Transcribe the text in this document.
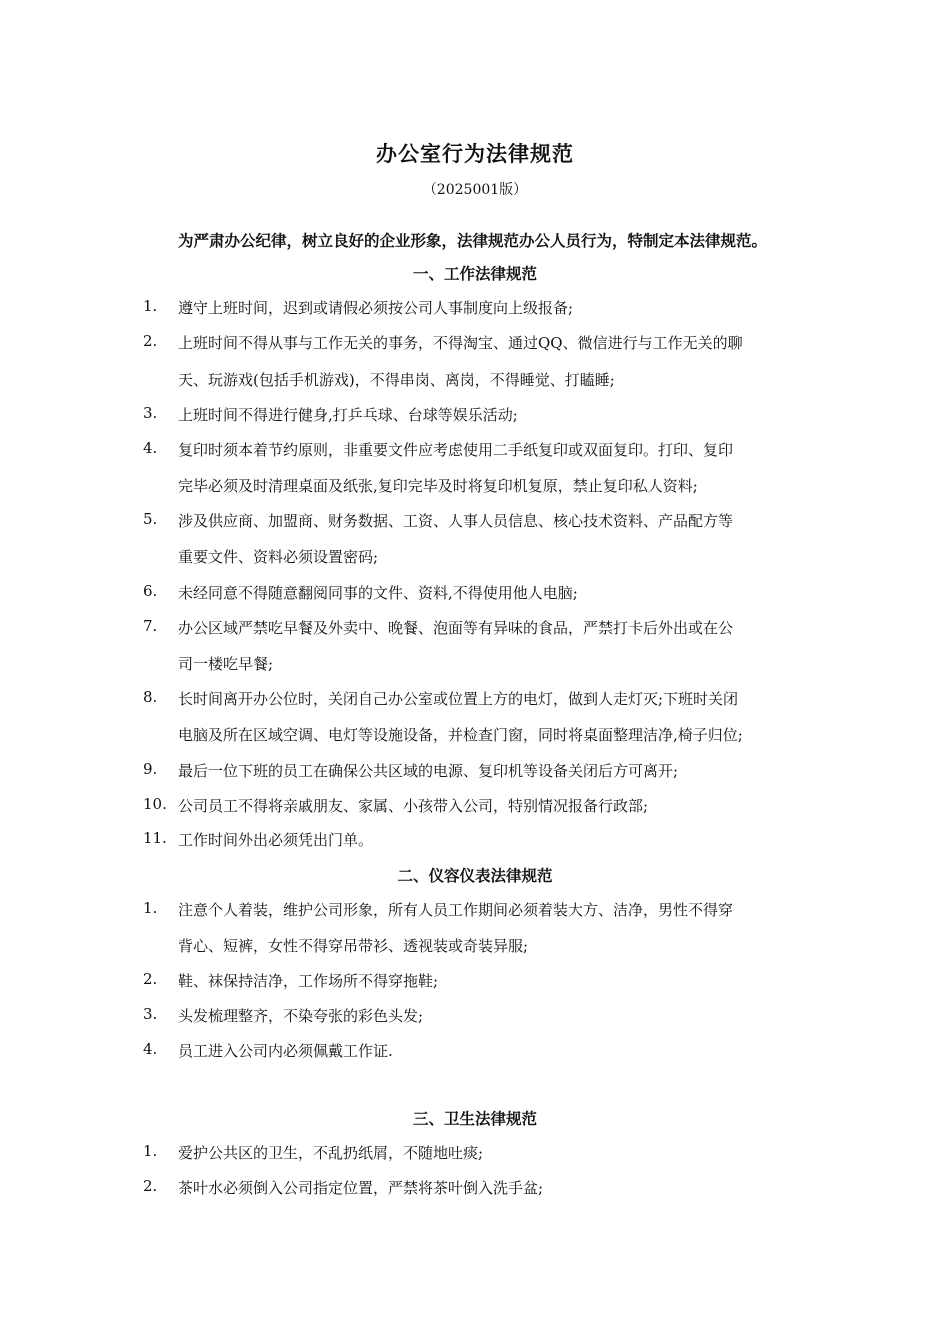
办公室行为法律规范
（2025001版）
为严肃办公纪律，树立良好的企业形象，法律规范办公人员行为，特制定本法律规范。
一、工作法律规范
1. 遵守上班时间，迟到或请假必须按公司人事制度向上级报备;
2. 上班时间不得从事与工作无关的事务，不得淘宝、通过QQ、微信进行与工作无关的聊
天、玩游戏(包括手机游戏)，不得串岗、离岗，不得睡觉、打瞌睡;
3. 上班时间不得进行健身,打乒乓球、台球等娱乐活动;
4. 复印时须本着节约原则，非重要文件应考虑使用二手纸复印或双面复印。打印、复印
完毕必须及时清理桌面及纸张,复印完毕及时将复印机复原，禁止复印私人资料;
5. 涉及供应商、加盟商、财务数据、工资、人事人员信息、核心技术资料、产品配方等
重要文件、资料必须设置密码;
6. 未经同意不得随意翻阅同事的文件、资料,不得使用他人电脑;
7. 办公区域严禁吃早餐及外卖中、晚餐、泡面等有异味的食品，严禁打卡后外出或在公
司一楼吃早餐;
8. 长时间离开办公位时，关闭自己办公室或位置上方的电灯，做到人走灯灭;下班时关闭
电脑及所在区域空调、电灯等设施设备，并检查门窗，同时将桌面整理洁净,椅子归位;
9. 最后一位下班的员工在确保公共区域的电源、复印机等设备关闭后方可离开;
10. 公司员工不得将亲戚朋友、家属、小孩带入公司，特别情况报备行政部;
11. 工作时间外出必须凭出门单。
二、仪容仪表法律规范
1. 注意个人着装，维护公司形象，所有人员工作期间必须着装大方、洁净，男性不得穿
背心、短裤，女性不得穿吊带衫、透视装或奇装异服;
2. 鞋、袜保持洁净，工作场所不得穿拖鞋;
3. 头发梳理整齐，不染夸张的彩色头发;
4. 员工进入公司内必须佩戴工作证.
三、卫生法律规范
1. 爱护公共区的卫生，不乱扔纸屑，不随地吐痰;
2. 茶叶水必须倒入公司指定位置，严禁将茶叶倒入洗手盆;
